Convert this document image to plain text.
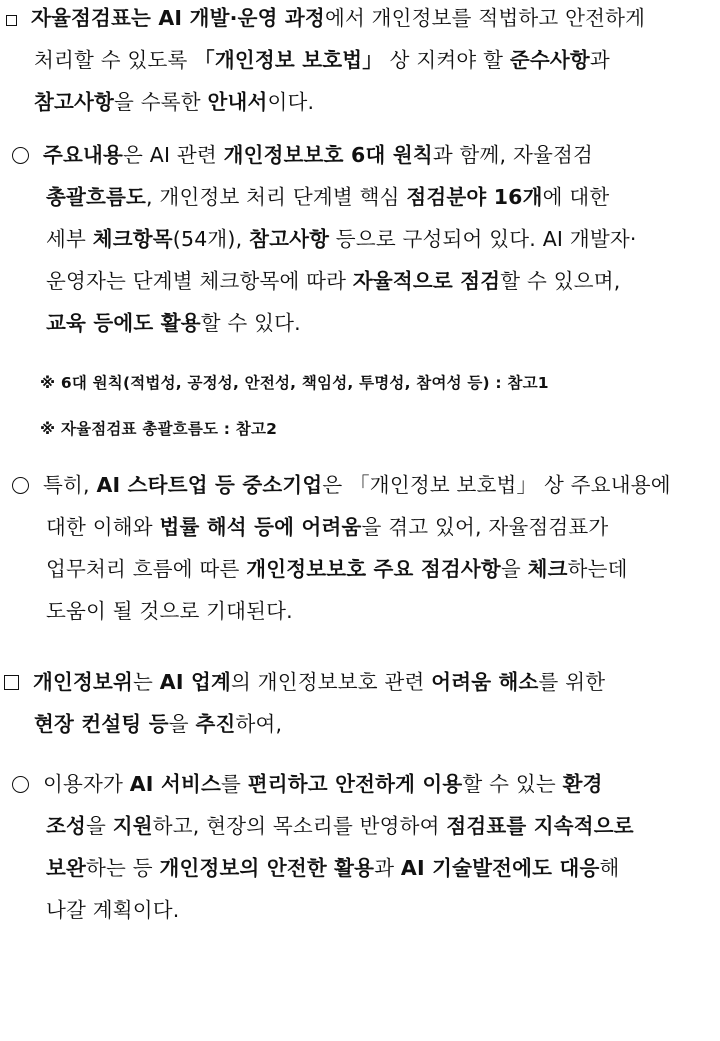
자율점검표는 AI 개발·운영 과정에서 개인정보를 적법하고 안전하게
처리할 수 있도록 「개인정보 보호법」 상 지켜야 할 준수사항과
참고사항을 수록한 안내서이다.
주요내용은 AI 관련 개인정보보호 6대 원칙과 함께, 자율점검
총괄흐름도, 개인정보 처리 단계별 핵심 점검분야 16개에 대한
세부 체크항목(54개), 참고사항 등으로 구성되어 있다. AI 개발자·
운영자는 단계별 체크항목에 따라 자율적으로 점검할 수 있으며,
교육 등에도 활용할 수 있다.
※ 6대 원칙(적법성, 공정성, 안전성, 책임성, 투명성, 참여성 등) : 참고1
※ 자율점검표 총괄흐름도 : 참고2
특히, AI 스타트업 등 중소기업은 「개인정보 보호법」 상 주요내용에
대한 이해와 법률 해석 등에 어려움을 겪고 있어, 자율점검표가
업무처리 흐름에 따른 개인정보보호 주요 점검사항을 체크하는데
도움이 될 것으로 기대된다.
개인정보위는 AI 업계의 개인정보보호 관련 어려움 해소를 위한
현장 컨설팅 등을 추진하여,
이용자가 AI 서비스를 편리하고 안전하게 이용할 수 있는 환경
조성을 지원하고, 현장의 목소리를 반영하여 점검표를 지속적으로
보완하는 등 개인정보의 안전한 활용과 AI 기술발전에도 대응해
나갈 계획이다.
